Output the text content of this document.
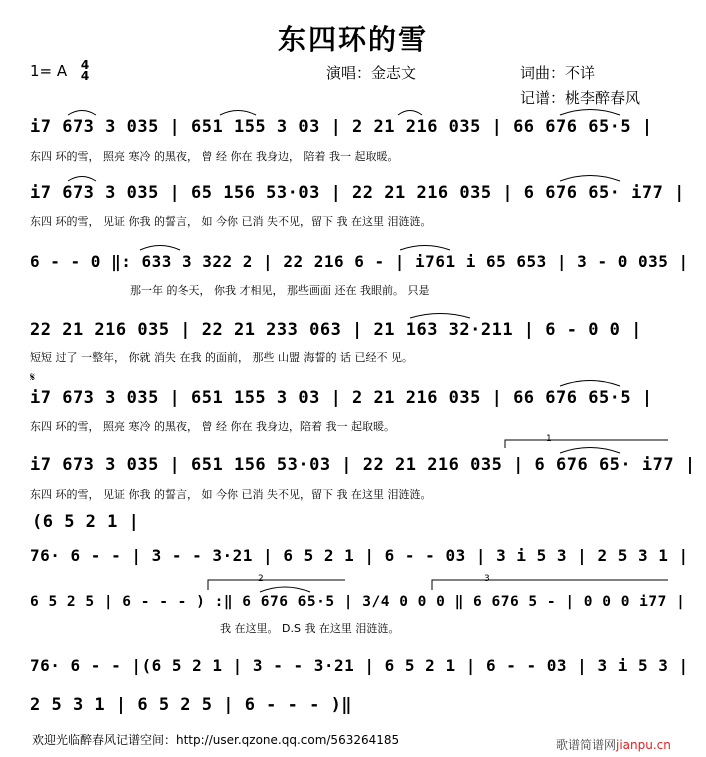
东四环的雪
1= A 4
4	演唱：金志文	词曲：不详
记谱：桃李醉春风
i7 673 3 035 | 651 155 3 03 | 2 21 216 035 | 66 676 65·5 |
东四 环的雪， 照亮 寒冷 的黑夜， 曾 经 你在 我身边， 陪着 我一 起取暖。
i7 673 3 035 | 65 156 53·03 | 22 21 216 035 | 6 676 65· i77 |
东四 环的雪， 见证 你我 的誓言， 如 今你 已消 失不见，留下 我 在这里 泪涟涟。
6 - - 0 ‖: 633 3 322 2 | 22 216 6 - | i761 i 65 653 | 3 - 0 035 |
那一年 的冬天， 你我 才相见， 那些画面 还在 我眼前。 只是
22 21 216 035 | 22 21 233 063 | 21 163 32·211 | 6 - 0 0 |
短短 过了 一整年， 你就 消失 在我 的面前， 那些 山盟 海誓的 话 已经不 见。
𝄋
i7 673 3 035 | 651 155 3 03 | 2 21 216 035 | 66 676 65·5 |
东四 环的雪， 照亮 寒冷 的黑夜， 曾 经 你在 我身边，陪着 我一 起取暖。
1
i7 673 3 035 | 651 156 53·03 | 22 21 216 035 | 6 676 65· i77 |
东四 环的雪， 见证 你我 的誓言， 如 今你 已消 失不见，留下 我 在这里 泪涟涟。
(6 5 2 1 |
76· 6 - - | 3 - - 3·21 | 6 5 2 1 | 6 - - 03 | 3 i 5 3 | 2 5 3 1 |
2	3
6 5 2 5 | 6 - - - ) :‖ 6 676 65·5 | 3/4 0 0 0 ‖ 6 676 5 - | 0 0 0 i77 |
我 在这里。 D.S 我 在这里 泪涟涟。
76· 6 - - |(6 5 2 1 | 3 - - 3·21 | 6 5 2 1 | 6 - - 03 | 3 i 5 3 |
2 5 3 1 | 6 5 2 5 | 6 - - - )‖
欢迎光临醉春风记谱空间：http://user.qzone.qq.com/563264185	歌谱简谱网jianpu.cn
